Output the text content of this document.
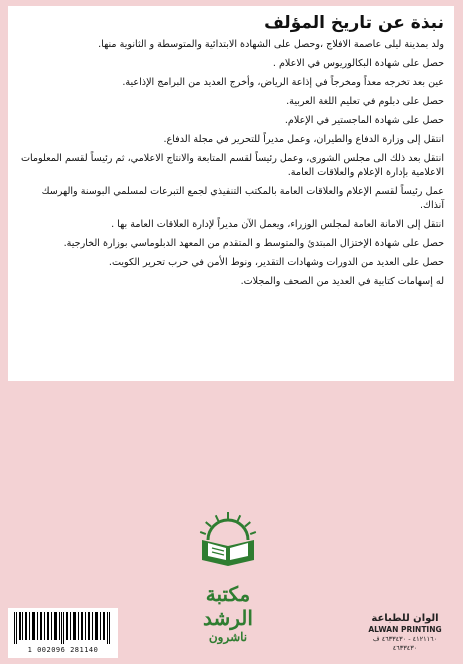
نبذة عن تاريخ المؤلف

ولد بمدينة ليلى عاصمة الافلاج ،وحصل على الشهادة الابتدائية والمتوسطة و الثانوية منها.

حصل على شهادة البكالوريوس في الاعلام .

عين بعد تخرجه معداً ومخرجاً في إذاعة الرياض، وأخرج العديد من البرامج الإذاعية.

حصل على دبلوم في تعليم اللغة العربية.

حصل على شهادة الماجستير في الإعلام.

انتقل إلى وزارة الدفاع والطيران، وعمل مديراً للتحرير في مجلة الدفاع.

انتقل بعد ذلك الى مجلس الشورى، وعمل رئيساً لقسم المتابعة والانتاج الاعلامي، ثم رئيساً لقسم المعلومات الاعلامية بإدارة الإعلام والعلاقات العامة.

عمل رئيساً لقسم الإعلام والعلاقات العامة بالمكتب التنفيذي لجمع التبرعات لمسلمي البوسنة والهرسك آنذاك.

انتقل إلى الامانة العامة لمجلس الوزراء، ويعمل الآن مديراً لإدارة العلاقات العامة بها .

حصل على شهادة الإختزال المبتدئ والمتوسط و المتقدم من المعهد الدبلوماسي بوزارة الخارجية.

حصل على العديد من الدورات وشهادات التقدير، ونوط الأمن في حرب تحرير الكويت.

له إسهامات كتابية في العديد من الصحف والمجلات.

مكتبة الرشد
ناشرون
1 002096 281140
الوان للطباعة
ALWAN PRINTING
٤١٢١١٦٠ - ٤٦٣٣٤٣٠ ف ٤٦٣٣٤٣٠
